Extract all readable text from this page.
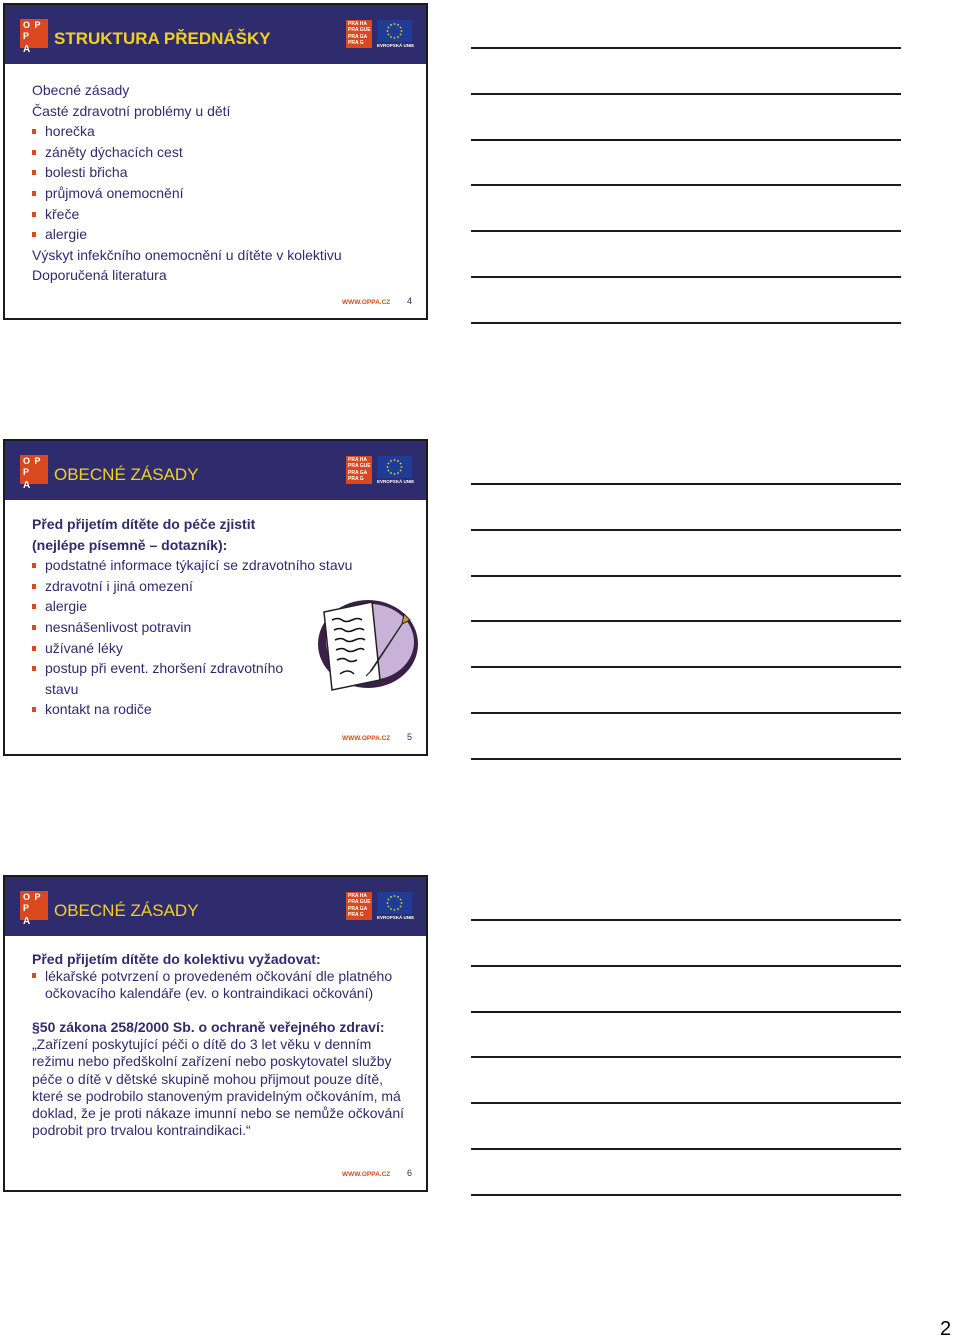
O P
P
A
STRUKTURA PŘEDNÁŠKY
PRA HA
PRA GUE
PRA GA
PRA G	EVROPSKÁ UNIE
Obecné zásady
Časté zdravotní problémy u dětí
horečka
záněty dýchacích cest
bolesti břicha
průjmová onemocnění
křeče
alergie
Výskyt infekčního onemocnění u dítěte v kolektivu
Doporučená literatura
WWW.OPPA.CZ 4
O P
P
A
OBECNÉ ZÁSADY
PRA HA
PRA GUE
PRA GA
PRA G	EVROPSKÁ UNIE
Před přijetím dítěte do péče zjistit
(nejlépe písemně – dotazník):
podstatné informace týkající se zdravotního stavu
zdravotní i jiná omezení
alergie
nesnášenlivost potravin
užívané léky
postup při event. zhoršení zdravotního
stavu
kontakt na rodiče
WWW.OPPA.CZ 5
O P
P
A
OBECNÉ ZÁSADY
PRA HA
PRA GUE
PRA GA
PRA G	EVROPSKÁ UNIE
Před přijetím dítěte do kolektivu vyžadovat:
lékařské potvrzení o provedeném očkování dle platného
očkovacího kalendáře (ev. o kontraindikaci očkování)
§50 zákona 258/2000 Sb. o ochraně veřejného zdraví:
„Zařízení poskytující péči o dítě do 3 let věku v denním
režimu nebo předškolní zařízení nebo poskytovatel služby
péče o dítě v dětské skupině mohou přijmout pouze dítě,
které se podrobilo stanoveným pravidelným očkováním, má
doklad, že je proti nákaze imunní nebo se nemůže očkování
podrobit pro trvalou kontraindikaci.“
WWW.OPPA.CZ 6
2
